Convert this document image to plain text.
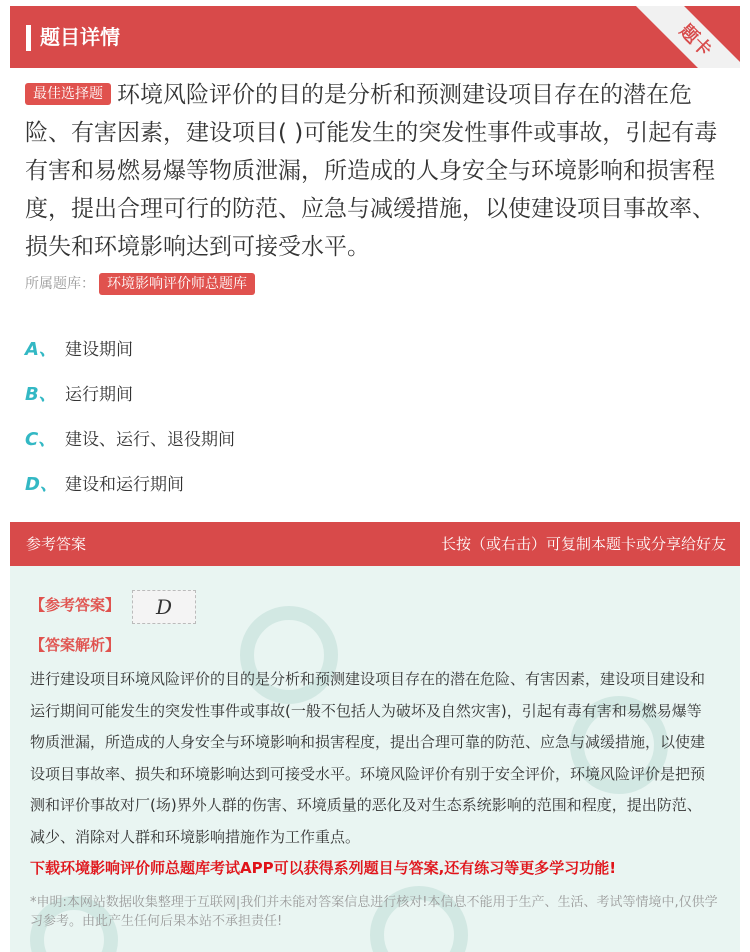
题目详情	题卡
最佳选择题 环境风险评价的目的是分析和预测建设项目存在的潜在危险、有害因素，建设项目( )可能发生的突发性事件或事故，引起有毒有害和易燃易爆等物质泄漏，所造成的人身安全与环境影响和损害程度，提出合理可行的防范、应急与减缓措施，以使建设项目事故率、损失和环境影响达到可接受水平。
所属题库： 环境影响评价师总题库
A、 建设期间
B、 运行期间
C、 建设、运行、退役期间
D、 建设和运行期间
参考答案	长按（或右击）可复制本题卡或分享给好友
【参考答案】	D
【答案解析】
进行建设项目环境风险评价的目的是分析和预测建设项目存在的潜在危险、有害因素，建设项目建设和运行期间可能发生的突发性事件或事故(一般不包括人为破坏及自然灾害)，引起有毒有害和易燃易爆等物质泄漏，所造成的人身安全与环境影响和损害程度，提出合理可靠的防范、应急与减缓措施，以使建设项目事故率、损失和环境影响达到可接受水平。环境风险评价有别于安全评价，环境风险评价是把预测和评价事故对厂(场)界外人群的伤害、环境质量的恶化及对生态系统影响的范围和程度，提出防范、减少、消除对人群和环境影响措施作为工作重点。
下载环境影响评价师总题库考试APP可以获得系列题目与答案,还有练习等更多学习功能!
*申明:本网站数据收集整理于互联网|我们并未能对答案信息进行核对!本信息不能用于生产、生活、考试等情境中,仅供学习参考。由此产生任何后果本站不承担责任!
